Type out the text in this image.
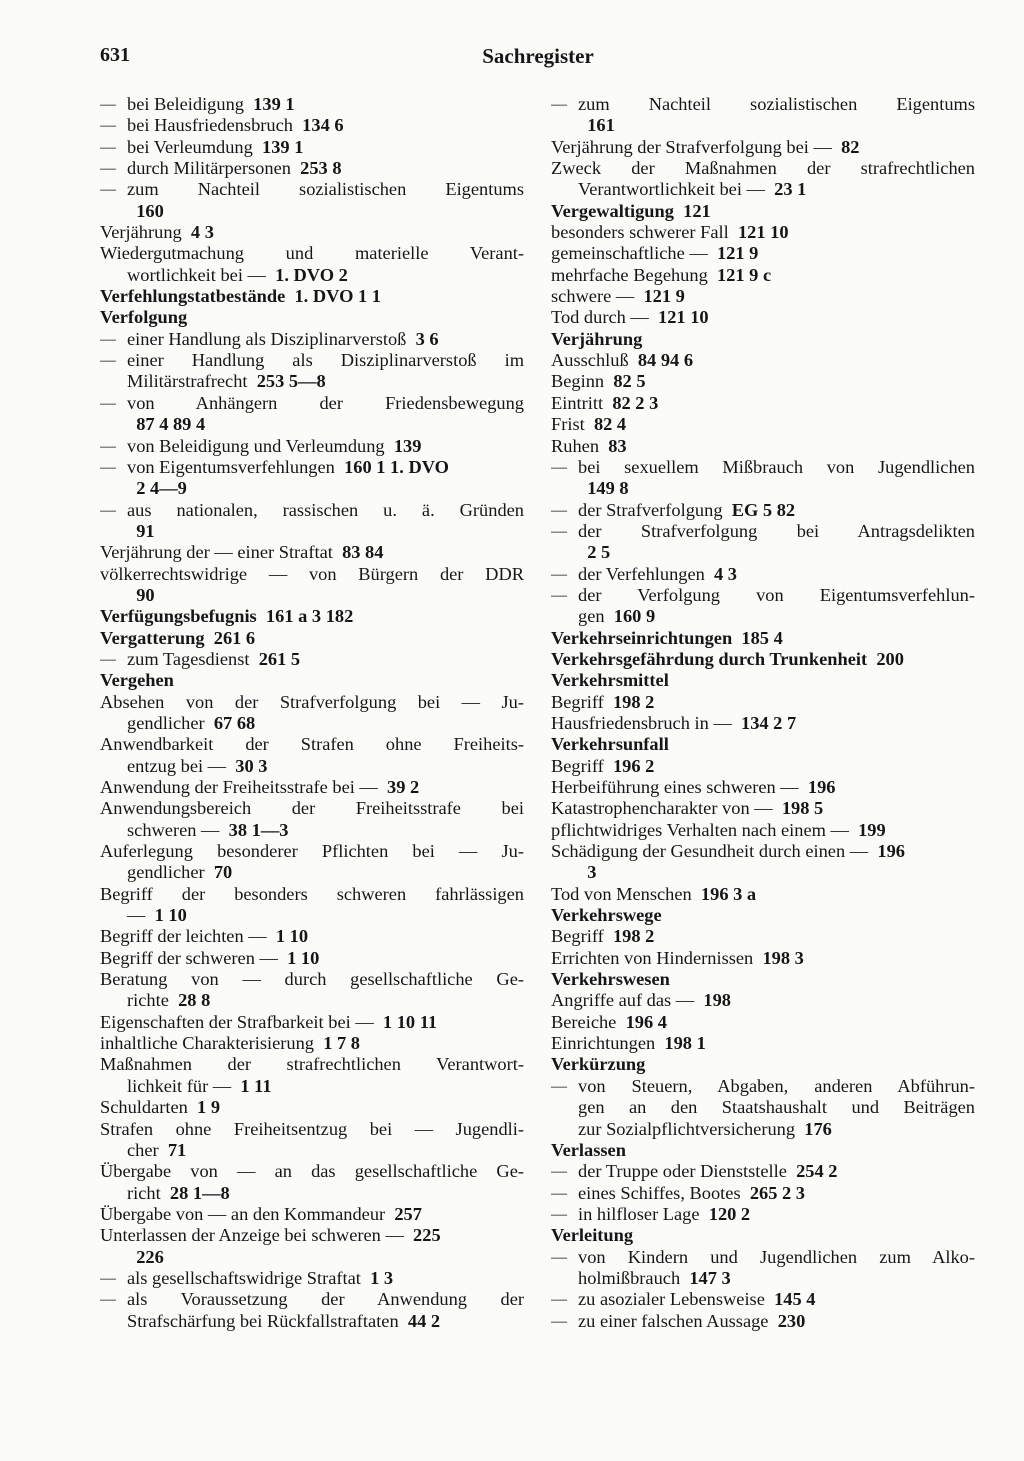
631	Sachregister
— bei Beleidigung 139 1
— bei Hausfriedensbruch 134 6
— bei Verleumdung 139 1
— durch Militärpersonen 253 8
— zum Nachteil sozialistischen Eigentums
160
Verjährung 4 3
Wiedergutmachung und materielle Verant-
wortlichkeit bei — 1. DVO 2
Verfehlungstatbestände 1. DVO 1 1
Verfolgung
— einer Handlung als Disziplinarverstoß 3 6
— einer Handlung als Disziplinarverstoß im
Militärstrafrecht 253 5—8
— von Anhängern der Friedensbewegung
87 4 89 4
— von Beleidigung und Verleumdung 139
— von Eigentumsverfehlungen 160 1 1. DVO
2 4—9
— aus nationalen, rassischen u. ä. Gründen
91
Verjährung der — einer Straftat 83 84
völkerrechtswidrige — von Bürgern der DDR
90
Verfügungsbefugnis 161 a 3 182
Vergatterung 261 6
— zum Tagesdienst 261 5
Vergehen
Absehen von der Strafverfolgung bei — Ju-
gendlicher 67 68
Anwendbarkeit der Strafen ohne Freiheits-
entzug bei — 30 3
Anwendung der Freiheitsstrafe bei — 39 2
Anwendungsbereich der Freiheitsstrafe bei
schweren — 38 1—3
Auferlegung besonderer Pflichten bei — Ju-
gendlicher 70
Begriff der besonders schweren fahrlässigen
— 1 10
Begriff der leichten — 1 10
Begriff der schweren — 1 10
Beratung von — durch gesellschaftliche Ge-
richte 28 8
Eigenschaften der Strafbarkeit bei — 1 10 11
inhaltliche Charakterisierung 1 7 8
Maßnahmen der strafrechtlichen Verantwort-
lichkeit für — 1 11
Schuldarten 1 9
Strafen ohne Freiheitsentzug bei — Jugendli-
cher 71
Übergabe von — an das gesellschaftliche Ge-
richt 28 1—8
Übergabe von — an den Kommandeur 257
Unterlassen der Anzeige bei schweren — 225
226
— als gesellschaftswidrige Straftat 1 3
— als Voraussetzung der Anwendung der
Strafschärfung bei Rückfallstraftaten 44 2
— zum Nachteil sozialistischen Eigentums
161
Verjährung der Strafverfolgung bei — 82
Zweck der Maßnahmen der strafrechtlichen
Verantwortlichkeit bei — 23 1
Vergewaltigung 121
besonders schwerer Fall 121 10
gemeinschaftliche — 121 9
mehrfache Begehung 121 9 c
schwere — 121 9
Tod durch — 121 10
Verjährung
Ausschluß 84 94 6
Beginn 82 5
Eintritt 82 2 3
Frist 82 4
Ruhen 83
— bei sexuellem Mißbrauch von Jugendlichen
149 8
— der Strafverfolgung EG 5 82
— der Strafverfolgung bei Antragsdelikten
2 5
— der Verfehlungen 4 3
— der Verfolgung von Eigentumsverfehlun-
gen 160 9
Verkehrseinrichtungen 185 4
Verkehrsgefährdung durch Trunkenheit 200
Verkehrsmittel
Begriff 198 2
Hausfriedensbruch in — 134 2 7
Verkehrsunfall
Begriff 196 2
Herbeiführung eines schweren — 196
Katastrophencharakter von — 198 5
pflichtwidriges Verhalten nach einem — 199
Schädigung der Gesundheit durch einen — 196
3
Tod von Menschen 196 3 a
Verkehrswege
Begriff 198 2
Errichten von Hindernissen 198 3
Verkehrswesen
Angriffe auf das — 198
Bereiche 196 4
Einrichtungen 198 1
Verkürzung
— von Steuern, Abgaben, anderen Abführun-
gen an den Staatshaushalt und Beiträgen
zur Sozialpflichtversicherung 176
Verlassen
— der Truppe oder Dienststelle 254 2
— eines Schiffes, Bootes 265 2 3
— in hilfloser Lage 120 2
Verleitung
— von Kindern und Jugendlichen zum Alko-
holmißbrauch 147 3
— zu asozialer Lebensweise 145 4
— zu einer falschen Aussage 230
